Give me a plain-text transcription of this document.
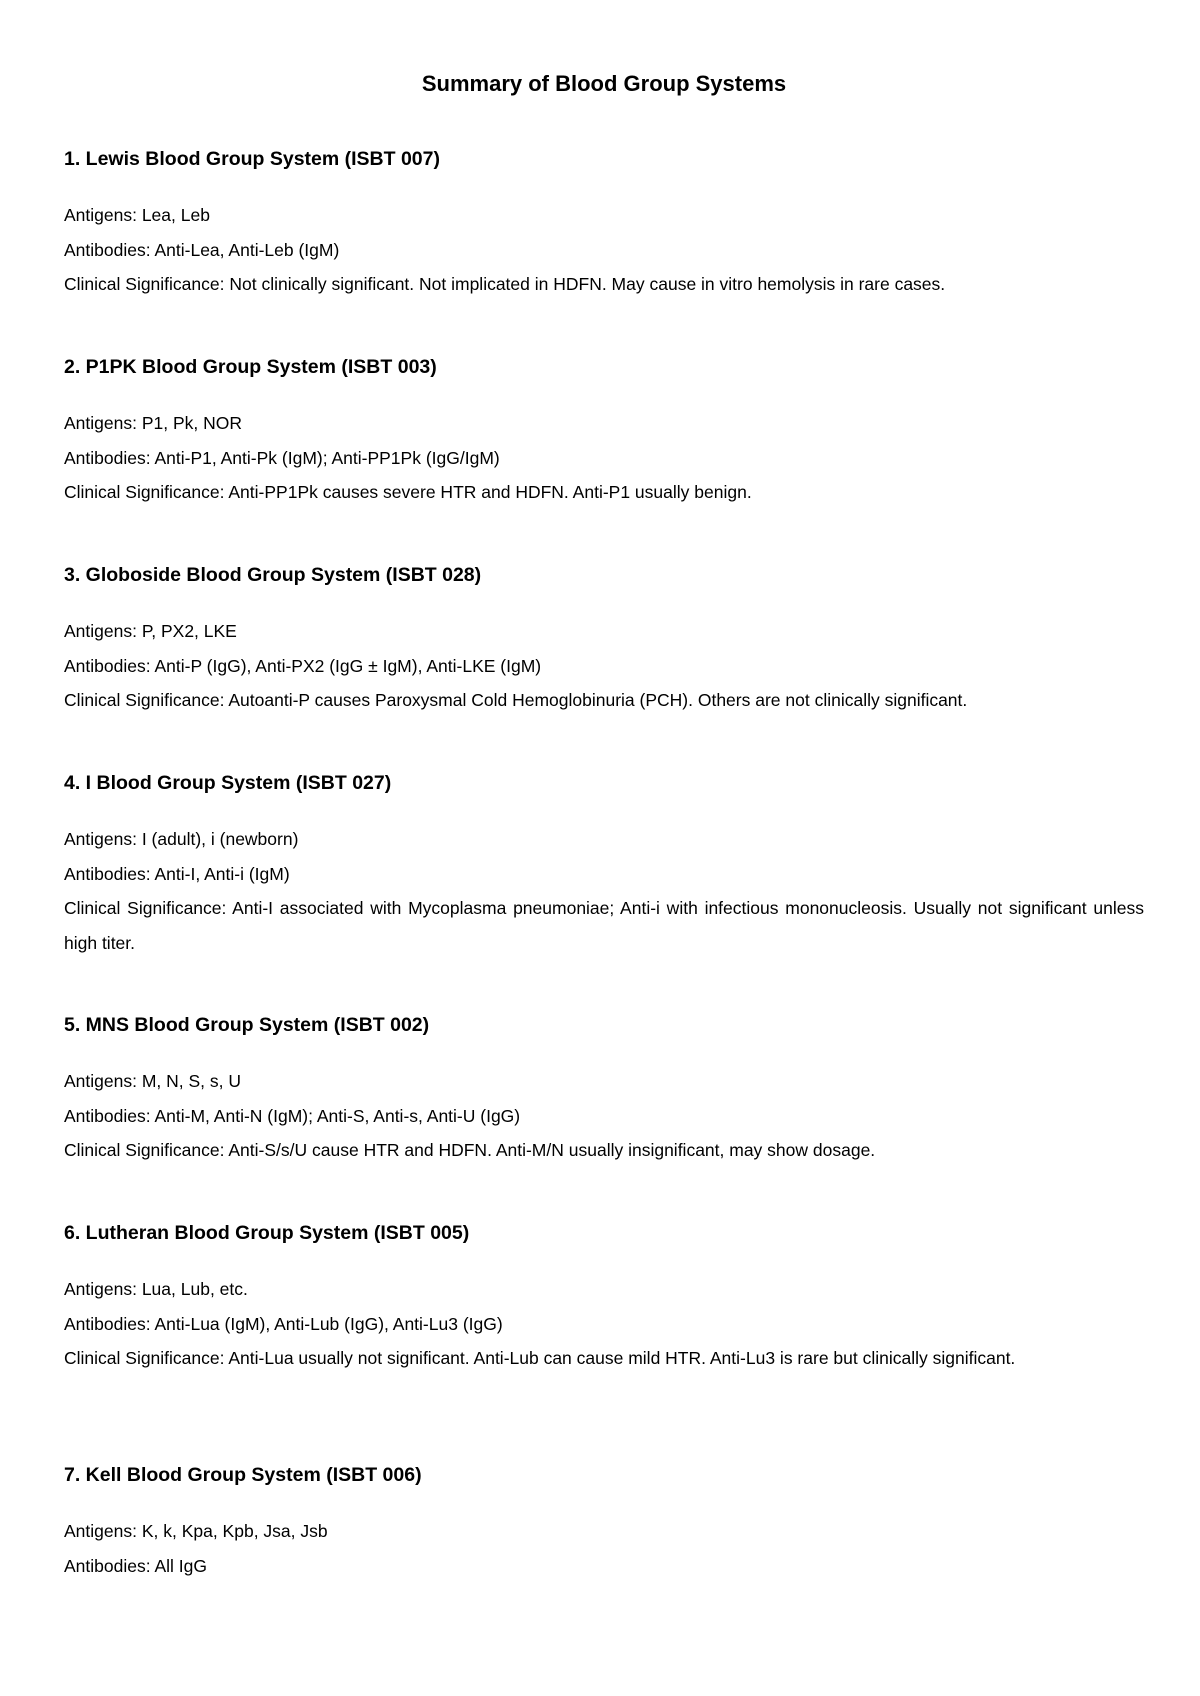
Summary of Blood Group Systems
1. Lewis Blood Group System (ISBT 007)

Antigens: Lea, Leb

Antibodies: Anti-Lea, Anti-Leb (IgM)

Clinical Significance: Not clinically significant. Not implicated in HDFN. May cause in vitro hemolysis in rare cases.

2. P1PK Blood Group System (ISBT 003)

Antigens: P1, Pk, NOR

Antibodies: Anti-P1, Anti-Pk (IgM); Anti-PP1Pk (IgG/IgM)

Clinical Significance: Anti-PP1Pk causes severe HTR and HDFN. Anti-P1 usually benign.

3. Globoside Blood Group System (ISBT 028)

Antigens: P, PX2, LKE

Antibodies: Anti-P (IgG), Anti-PX2 (IgG ± IgM), Anti-LKE (IgM)

Clinical Significance: Autoanti-P causes Paroxysmal Cold Hemoglobinuria (PCH). Others are not clinically significant.

4. I Blood Group System (ISBT 027)

Antigens: I (adult), i (newborn)

Antibodies: Anti-I, Anti-i (IgM)

Clinical Significance: Anti-I associated with Mycoplasma pneumoniae; Anti-i with infectious mononucleosis. Usually not significant unless high titer.

5. MNS Blood Group System (ISBT 002)

Antigens: M, N, S, s, U

Antibodies: Anti-M, Anti-N (IgM); Anti-S, Anti-s, Anti-U (IgG)

Clinical Significance: Anti-S/s/U cause HTR and HDFN. Anti-M/N usually insignificant, may show dosage.

6. Lutheran Blood Group System (ISBT 005)

Antigens: Lua, Lub, etc.

Antibodies: Anti-Lua (IgM), Anti-Lub (IgG), Anti-Lu3 (IgG)

Clinical Significance: Anti-Lua usually not significant. Anti-Lub can cause mild HTR. Anti-Lu3 is rare but clinically significant.

7. Kell Blood Group System (ISBT 006)

Antigens: K, k, Kpa, Kpb, Jsa, Jsb

Antibodies: All IgG
